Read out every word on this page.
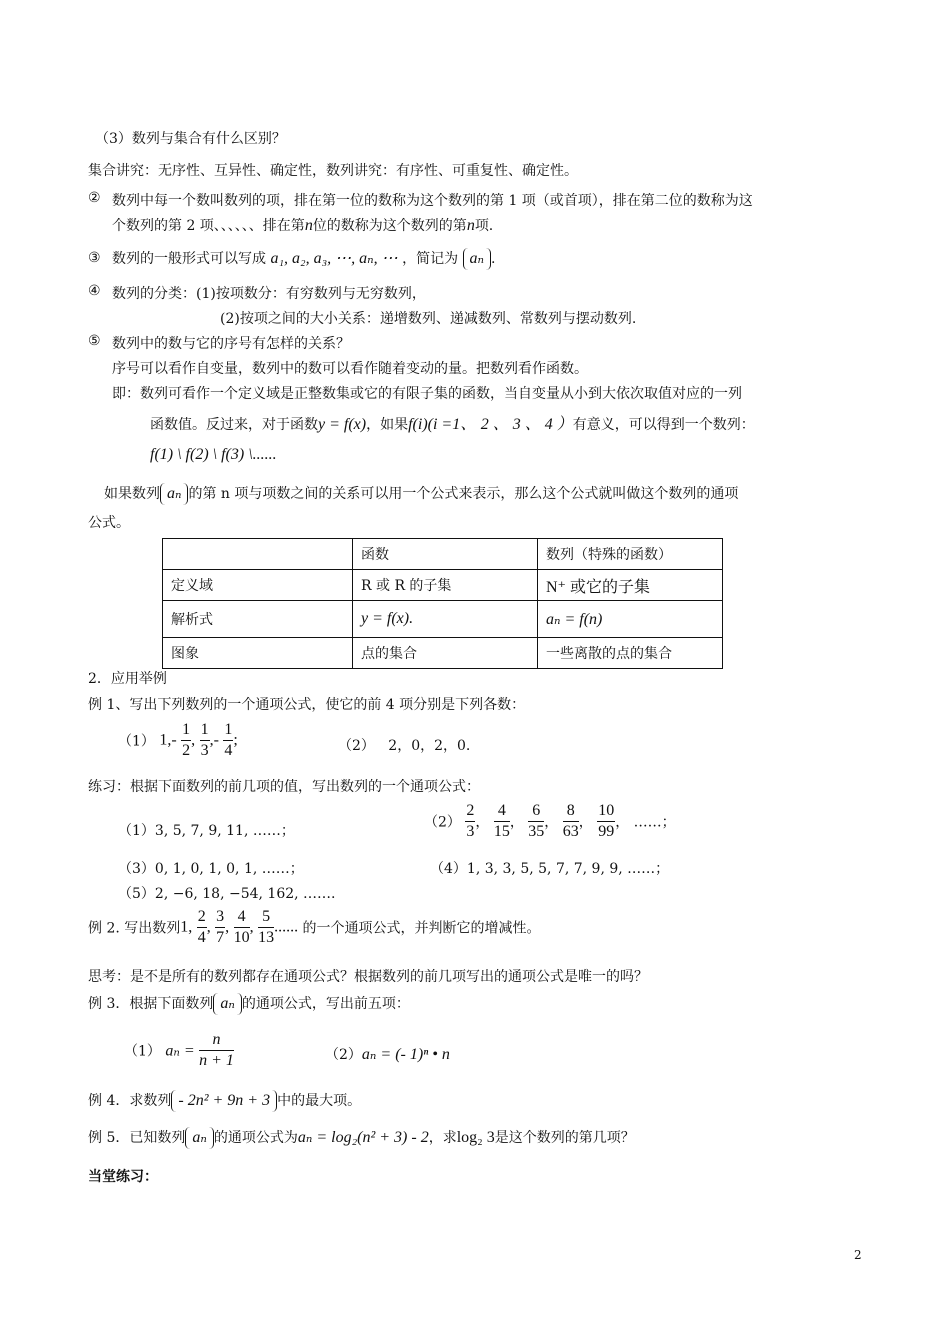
（3）数列与集合有什么区别？
集合讲究：无序性、互异性、确定性，数列讲究：有序性、可重复性、确定性。
② 数列中每一个数叫数列的项，排在第一位的数称为这个数列的第 1 项（或首项），排在第二位的数称为这
个数列的第 2 项、、、、、、排在第n位的数称为这个数列的第n项.
③ 数列的一般形式可以写成 a₁, a₂, a₃, ⋯, aₙ, ⋯ ，简记为 aₙ .
④ 数列的分类：(1)按项数分：有穷数列与无穷数列，
(2)按项之间的大小关系：递增数列、递减数列、常数列与摆动数列.
⑤ 数列中的数与它的序号有怎样的关系？
序号可以看作自变量，数列中的数可以看作随着变动的量。把数列看作函数。
即：数列可看作一个定义域是正整数集或它的有限子集的函数，当自变量从小到大依次取值对应的一列
函数值。反过来，对于函数y = f(x)，如果f(i)(i =1、 2 、 3 、 4 ）有意义，可以得到一个数列：
f(1) \ f(2) \ f(3) \......
如果数列 aₙ 的第 n 项与项数之间的关系可以用一个公式来表示，那么这个公式就叫做这个数列的通项
公式。
	函数	数列（特殊的函数）
定义域	R 或 R 的子集	N⁺ 或它的子集
解析式	y = f(x).	aₙ = f(n)
图象	点的集合	一些离散的点的集合
2．应用举例
例 1、写出下列数列的一个通项公式，使它的前 4 项分别是下列各数：
（1） $1,- \frac{1}{2}$ , $\frac{1}{3}$ ,- $\frac{1}{4}$ ;	（2） 2，0，2，0.
练习：根据下面数列的前几项的值，写出数列的一个通项公式：
（1）3, 5, 7, 9, 11, ……；
$(2) \frac{2}{3}$ ， $\frac{4}{15}$ ， $\frac{6}{35}$ ， $\frac{8}{63}$ ， $\frac{10}{99}$ ， ……；
（3）0, 1, 0, 1, 0, 1, ……；	（4）1, 3, 3, 5, 5, 7, 7, 9, 9, ……；
（5）2, −6, 18, −54, 162, …….
例 2. 写出数列1, $\frac{2}{4}$ , $\frac{3}{7}$ , $\frac{4}{10}$ , $\frac{5}{13}$ ...... 的一个通项公式，并判断它的增减性。
思考：是不是所有的数列都存在通项公式？根据数列的前几项写出的通项公式是唯一的吗？
例 3．根据下面数列 aₙ 的通项公式，写出前五项：
（1） $a_n = \frac{n}{n + 1}$	（2）aₙ = (- 1)ⁿ • n
例 4．求数列 - 2n² + 9n + 3 中的最大项。
例 5．已知数列 aₙ 的通项公式为aₙ = log₂(n² + 3) - 2，求log₂ 3是这个数列的第几项？
当堂练习：
2
